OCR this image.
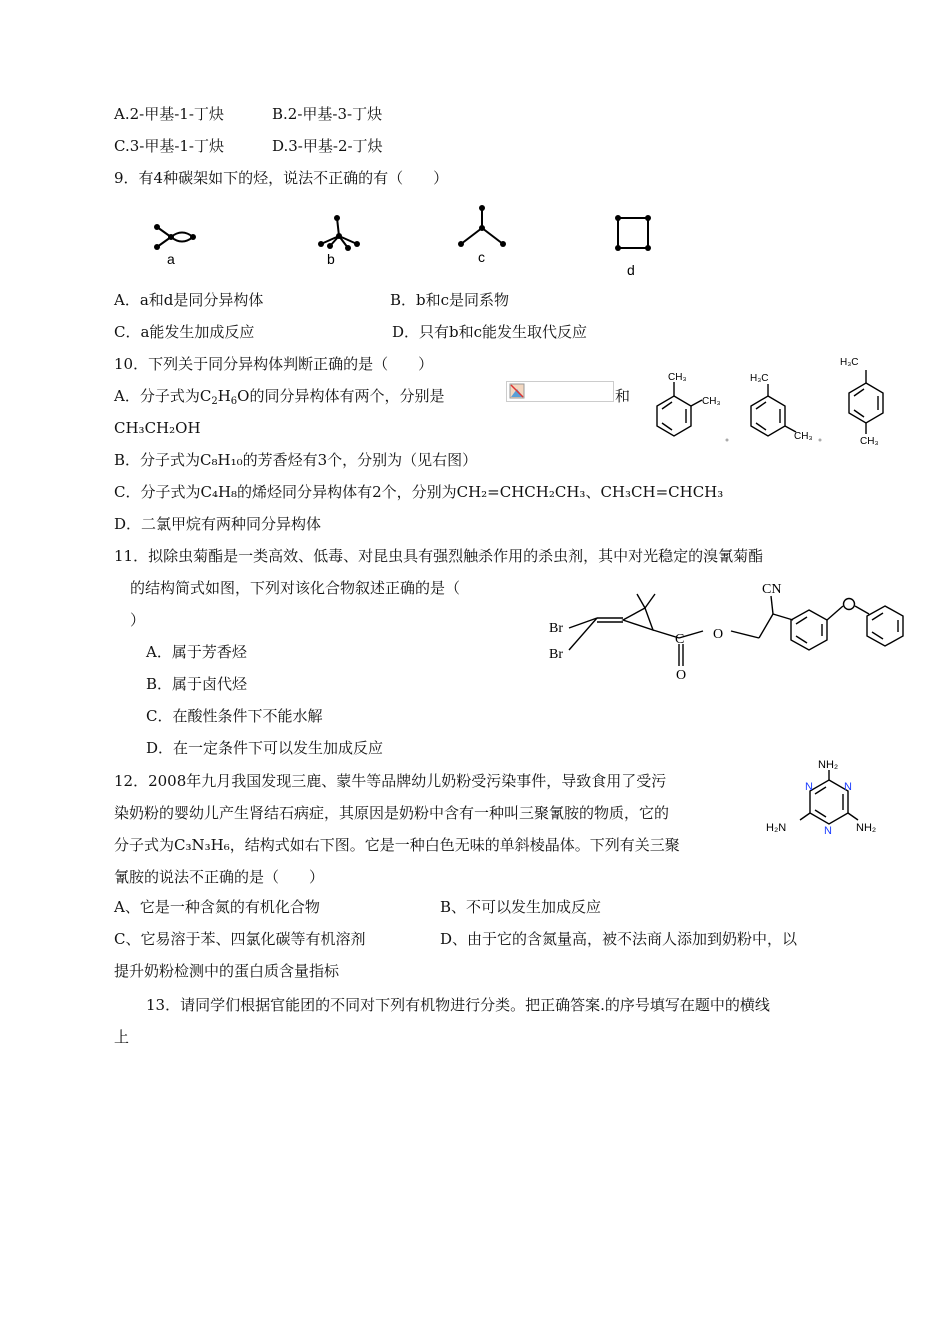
A.2-甲基-1-丁炔	B.2-甲基-3-丁炔
C.3-甲基-1-丁炔	D.3-甲基-2-丁炔
9．有4种碳架如下的烃，说法不正确的有（　　）
a	b	c
d
A．a和d是同分异构体	B．b和c是同系物
C．a能发生加成反应	D．只有b和c能发生取代反应
10．下列关于同分异构体判断正确的是（　　）
A．分子式为$C_2H_6O$的同分异构体有两个，分别是	和
CH₃CH₂OH
CH₃
CH₃
H₃C
CH₃
H₃C
CH₃
B．分子式为C₈H₁₀的芳香烃有3个，分别为（见右图）
C．分子式为C₄H₈的烯烃同分异构体有2个，分别为CH₂=CHCH₂CH₃、CH₃CH=CHCH₃
D．二氯甲烷有两种同分异构体
11．拟除虫菊酯是一类高效、低毒、对昆虫具有强烈触杀作用的杀虫剂，其中对光稳定的溴氰菊酯
的结构简式如图，下列对该化合物叙述正确的是（
）
A．属于芳香烃
B．属于卤代烃
C．在酸性条件下不能水解
D．在一定条件下可以发生加成反应
CN
Br
Br
C O
O
12．2008年九月我国发现三鹿、蒙牛等品牌幼儿奶粉受污染事件，导致食用了受污
染奶粉的婴幼儿产生肾结石病症，其原因是奶粉中含有一种叫三聚氰胺的物质，它的
分子式为C₃N₃H₆，结构式如右下图。它是一种白色无味的单斜棱晶体。下列有关三聚
氰胺的说法不正确的是（　　）
NH₂
H₂N	NH₂
N
N
N
A、它是一种含氮的有机化合物	B、不可以发生加成反应
C、它易溶于苯、四氯化碳等有机溶剂	D、由于它的含氮量高，被不法商人添加到奶粉中，以
提升奶粉检测中的蛋白质含量指标
13．请同学们根据官能团的不同对下列有机物进行分类。把正确答案.的序号填写在题中的横线
上
